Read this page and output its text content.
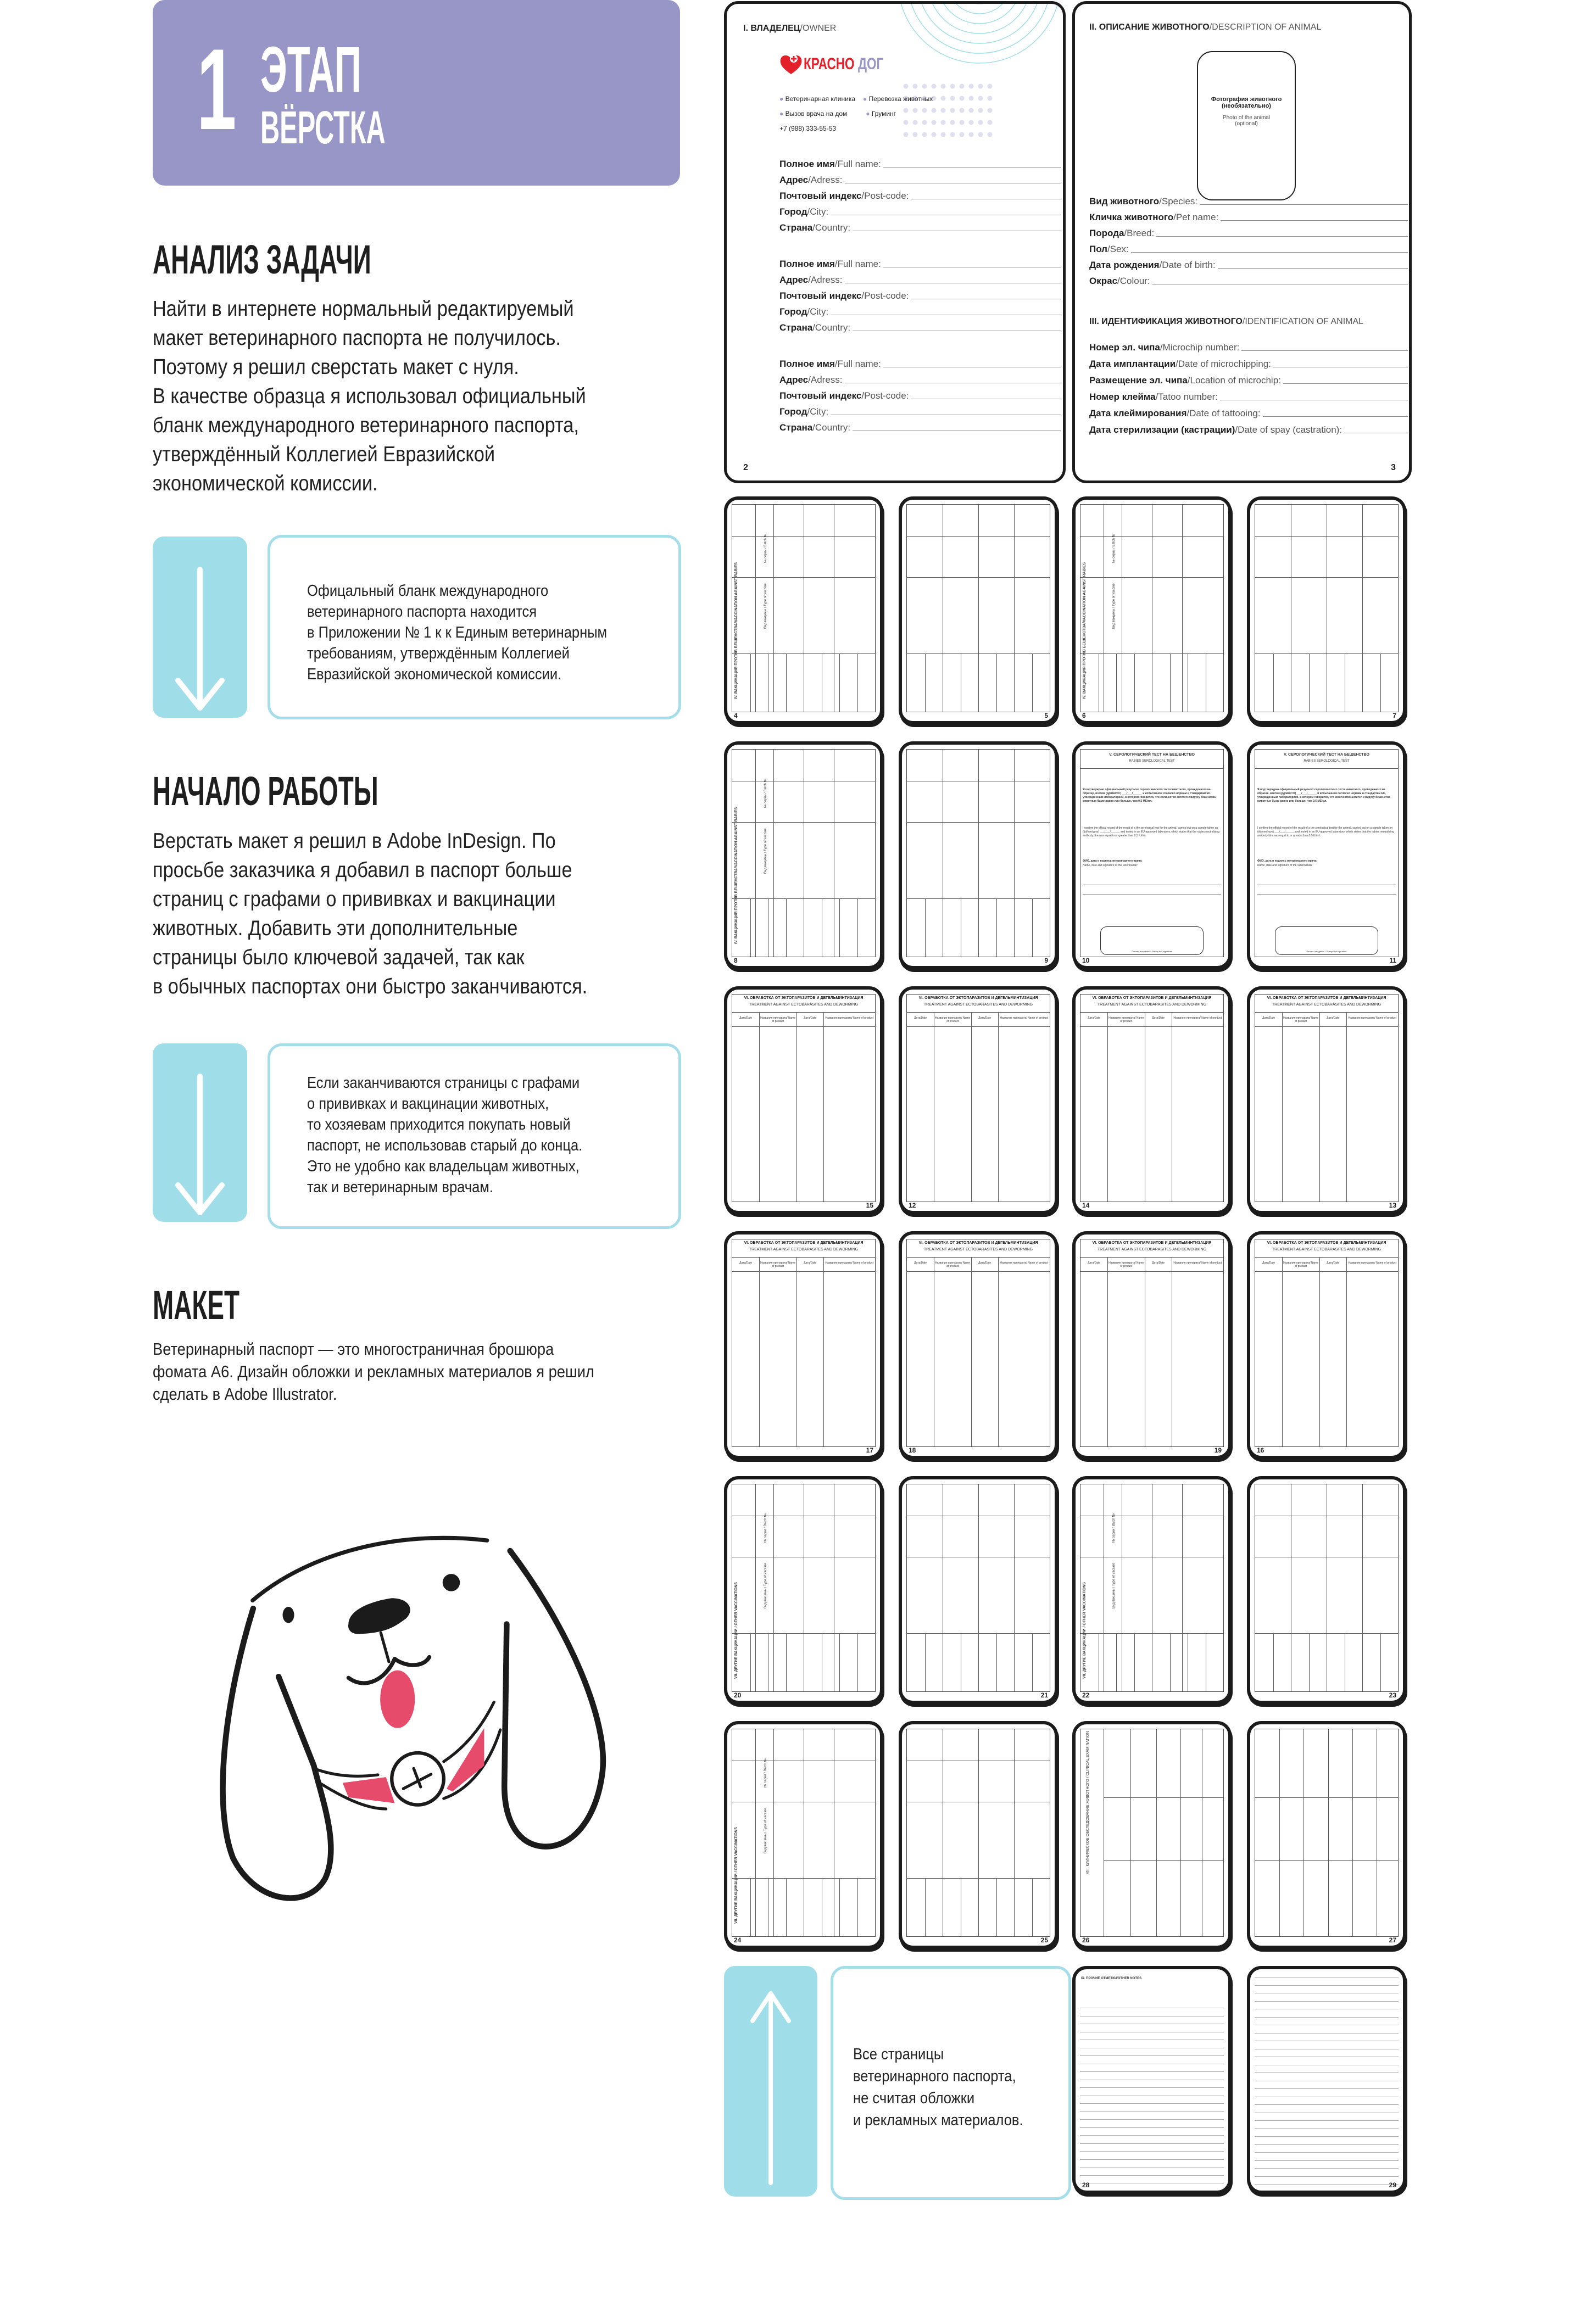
1 ЭТАП
ВЁРСТКА
АНАЛИЗ ЗАДАЧИ
Найти в интернете нормальный редактируемый
макет ветеринарного паспорта не получилось.
Поэтому я решил сверстать макет с нуля.
В качестве образца я использовал официальный
бланк международного ветеринарного паспорта,
утверждённый Коллегией Евразийской
экономической комиссии.
Офицальный бланк международного
ветеринарного паспорта находится
в Приложении № 1 к к Единым ветеринарным
требованиям, утверждённым Коллегией
Евразийской экономической комиссии.
НАЧАЛО РАБОТЫ
Верстать макет я решил в Adobe InDesign. По
просьбе заказчика я добавил в паспорт больше
страниц с графами о прививках и вакцинации
животных. Добавить эти дополнительные
страницы было ключевой задачей, так как
в обычных паспортах они быстро заканчиваются.
Если заканчиваются страницы с графами
о прививках и вакцинации животных,
то хозяевам приходится покупать новый
паспорт, не использовав старый до конца.
Это не удобно как владельцам животных,
так и ветеринарным врачам.
МАКЕТ
Ветеринарный паспорт — это многостраничная брошюра
фомата А6. Дизайн обложки и рекламных материалов я решил
сделать в Adobe Illustrator.
I. ВЛАДЕЛЕЦ/OWNER
КРАСНО ДОГ
● Ветеринарная клиника ● Перевозка животных
● Вызов врача на дом	● Груминг
+7 (988) 333-55-53
Полное имя /Full name:
Адрес /Adress:
Почтовый индекс /Post-code:
Город /City:
Страна /Country:
Полное имя /Full name:
Адрес /Adress:
Почтовый индекс /Post-code:
Город /City:
Страна /Country:
Полное имя /Full name:
Адрес /Adress:
Почтовый индекс /Post-code:
Город /City:
Страна /Country:
2
II. ОПИСАНИЕ ЖИВОТНОГО/DESCRIPTION OF ANIMAL
Фотография животного (необязательно)
Photo of the animal (optional)
Вид животного /Species:
Кличка животного /Pet name:
Порода /Breed:
Пол /Sex:
Дата рождения /Date of birth:
Окрас /Colour:
III. ИДЕНТИФИКАЦИЯ ЖИВОТНОГО/IDENTIFICATION OF ANIMAL
Номер эл. чипа /Microchip number:
Дата имплантации /Date of microchipping:
Размещение эл. чипа /Location of microchip:
Номер клейма /Tatoo number:
Дата клеймирования /Date of tattooing:
Дата стерилизации (кастрации) /Date of spay (castration):
3
IV. ВАКЦИНАЦИЯ ПРОТИВ БЕШЕНСТВА/VACCINATION AGAINST RABIES	Вид вакцины / Type of vaccine
№ серии / Batch №
4	5
IV. ВАКЦИНАЦИЯ ПРОТИВ БЕШЕНСТВА/VACCINATION AGAINST RABIES	Вид вакцины / Type of vaccine
№ серии / Batch №
6	7
IV. ВАКЦИНАЦИЯ ПРОТИВ БЕШЕНСТВА/VACCINATION AGAINST RABIES	Вид вакцины / Type of vaccine
№ серии / Batch №
8	9
V. СЕРОЛОГИЧЕСКИЙ ТЕСТ НА БЕШЕНСТВО
RABIES SEROLOGICAL TEST
Я подтверждаю официальный результат серологического теста животного, проведенного на образце, взятом (дд/мм/гггг) ___/___/______ и испытанном согласно нормам и стандартам ЕС, утвержденным лабораторией, в котором говорится, что количество антител к вирусу бешенства животных было равно или больше, чем 0,5 МЕ/мл.
I confirm the official record of the result of a the serological test for the animal, carried out on a sample taken on (dd/mm/yyyy) ___/___/______ and tested in an EU-approved laboratory, which states that the rabies neutralising antibody titre was equal to or greater than 0,5 IU/ml.
ФИО, дата и подпись ветеринарного врача:
Name, date and signature of the veterinarian:
Печать и подпись / Stamp and signature
10
V. СЕРОЛОГИЧЕСКИЙ ТЕСТ НА БЕШЕНСТВО
RABIES SEROLOGICAL TEST
Я подтверждаю официальный результат серологического теста животного, проведенного на образце, взятом (дд/мм/гггг) ___/___/______ и испытанном согласно нормам и стандартам ЕС, утвержденным лабораторией, в котором говорится, что количество антител к вирусу бешенства животных было равно или больше, чем 0,5 МЕ/мл.
I confirm the official record of the result of a the serological test for the animal, carried out on a sample taken on (dd/mm/yyyy) ___/___/______ and tested in an EU-approved laboratory, which states that the rabies neutralising antibody titre was equal to or greater than 0,5 IU/ml.
ФИО, дата и подпись ветеринарного врача:
Name, date and signature of the veterinarian:
Печать и подпись / Stamp and signature
11
VI. ОБРАБОТКА ОТ ЭКТОПАРАЗИТОВ И ДЕГЕЛЬМИНТИЗАЦИЯ
TREATMENT AGAINST ECTOBARASITES AND DEWORMING
Дата/Date	Название препарата/ Name of product
Дата/Date	Название препарата/ Name of product
15
VI. ОБРАБОТКА ОТ ЭКТОПАРАЗИТОВ И ДЕГЕЛЬМИНТИЗАЦИЯ
TREATMENT AGAINST ECTOBARASITES AND DEWORMING
Дата/Date	Название препарата/ Name of product
Дата/Date	Название препарата/ Name of product
12
VI. ОБРАБОТКА ОТ ЭКТОПАРАЗИТОВ И ДЕГЕЛЬМИНТИЗАЦИЯ
TREATMENT AGAINST ECTOBARASITES AND DEWORMING
Дата/Date	Название препарата/ Name of product
Дата/Date	Название препарата/ Name of product
14
VI. ОБРАБОТКА ОТ ЭКТОПАРАЗИТОВ И ДЕГЕЛЬМИНТИЗАЦИЯ
TREATMENT AGAINST ECTOBARASITES AND DEWORMING
Дата/Date	Название препарата/ Name of product
Дата/Date	Название препарата/ Name of product
13
VI. ОБРАБОТКА ОТ ЭКТОПАРАЗИТОВ И ДЕГЕЛЬМИНТИЗАЦИЯ
TREATMENT AGAINST ECTOBARASITES AND DEWORMING
Дата/Date	Название препарата/ Name of product
Дата/Date	Название препарата/ Name of product
17
VI. ОБРАБОТКА ОТ ЭКТОПАРАЗИТОВ И ДЕГЕЛЬМИНТИЗАЦИЯ
TREATMENT AGAINST ECTOBARASITES AND DEWORMING
Дата/Date	Название препарата/ Name of product
Дата/Date	Название препарата/ Name of product
18
VI. ОБРАБОТКА ОТ ЭКТОПАРАЗИТОВ И ДЕГЕЛЬМИНТИЗАЦИЯ
TREATMENT AGAINST ECTOBARASITES AND DEWORMING
Дата/Date	Название препарата/ Name of product
Дата/Date	Название препарата/ Name of product
19
VI. ОБРАБОТКА ОТ ЭКТОПАРАЗИТОВ И ДЕГЕЛЬМИНТИЗАЦИЯ
TREATMENT AGAINST ECTOBARASITES AND DEWORMING
Дата/Date	Название препарата/ Name of product
Дата/Date	Название препарата/ Name of product
16
VII. ДРУГИЕ ВАКЦИНАЦИИ / OTHER VACCINATIONS	Вид вакцины / Type of vaccine
№ серии / Batch №
20	21
VII. ДРУГИЕ ВАКЦИНАЦИИ / OTHER VACCINATIONS	Вид вакцины / Type of vaccine
№ серии / Batch №
22	23
VII. ДРУГИЕ ВАКЦИНАЦИИ / OTHER VACCINATIONS	Вид вакцины / Type of vaccine
№ серии / Batch №
24	25
VIII. КЛИНИЧЕСКОЕ ОБСЛЕДОВАНИЕ ЖИВОТНОГО / CLINICAL EXAMINATION
26	27
Все страницы
ветеринарного паспорта,
не считая обложки
и рекламных материалов.
IX. ПРОЧИЕ ОТМЕТКИ/OTHER NOTES
28	29
